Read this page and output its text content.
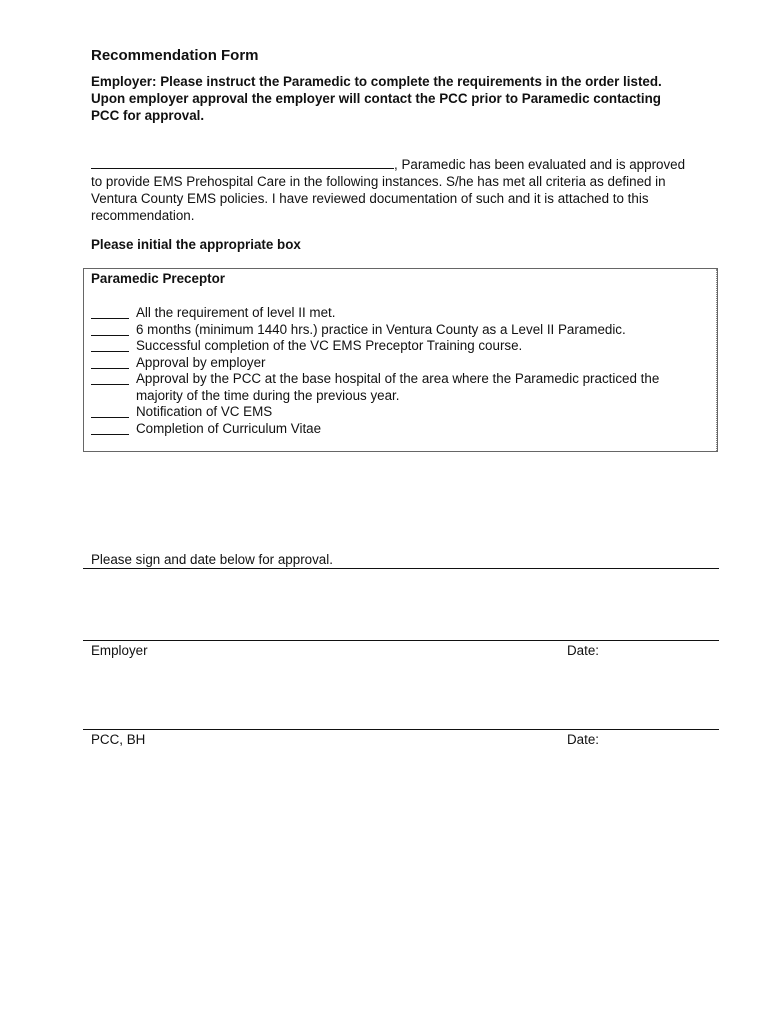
Recommendation Form

Employer: Please instruct the Paramedic to complete the requirements in the order listed. Upon employer approval the employer will contact the PCC prior to Paramedic contacting PCC for approval.

, Paramedic has been evaluated and is approved to provide EMS Prehospital Care in the following instances. S/he has met all criteria as defined in Ventura County EMS policies. I have reviewed documentation of such and it is attached to this recommendation.

Please initial the appropriate box

Paramedic Preceptor

All the requirement of level II met.
6 months (minimum 1440 hrs.) practice in Ventura County as a Level II Paramedic.
Successful completion of the VC EMS Preceptor Training course.
Approval by employer
Approval by the PCC at the base hospital of the area where the Paramedic practiced the majority of the time during the previous year.
Notification of VC EMS
Completion of Curriculum Vitae

Please sign and date below for approval.

Employer	Date:

PCC, BH	Date:
